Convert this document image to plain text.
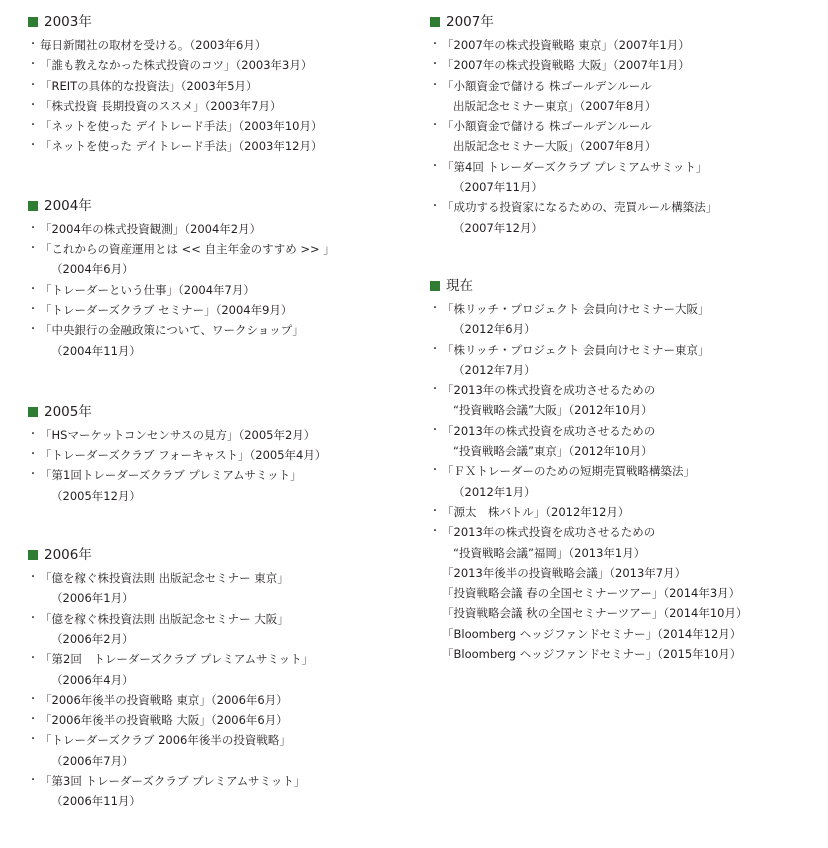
2003年
・ 毎日新聞社の取材を受ける。（2003年6月）
・ 「誰も教えなかった株式投資のコツ」（2003年3月）
・ 「REITの具体的な投資法」（2003年5月）
・ 「株式投資 長期投資のススメ」（2003年7月）
・ 「ネットを使った デイトレード手法」（2003年10月）
・ 「ネットを使った デイトレード手法」（2003年12月）
2004年
・ 「2004年の株式投資観測」（2004年2月）
・ 「これからの資産運用とは << 自主年金のすすめ >> 」
（2004年6月）
・ 「トレーダーという仕事」（2004年7月）
・ 「トレーダーズクラブ セミナー」（2004年9月）
・ 「中央銀行の金融政策について、ワークショップ」
（2004年11月）
2005年
・ 「HSマーケットコンセンサスの見方」（2005年2月）
・ 「トレーダーズクラブ フォーキャスト」（2005年4月）
・ 「第1回トレーダーズクラブ プレミアムサミット」
（2005年12月）
2006年
・ 「億を稼ぐ株投資法則 出版記念セミナー 東京」
（2006年1月）
・ 「億を稼ぐ株投資法則 出版記念セミナー 大阪」
（2006年2月）
・ 「第2回　トレーダーズクラブ プレミアムサミット」
（2006年4月）
・ 「2006年後半の投資戦略 東京」（2006年6月）
・ 「2006年後半の投資戦略 大阪」（2006年6月）
・ 「トレーダーズクラブ 2006年後半の投資戦略」
（2006年7月）
・ 「第3回 トレーダーズクラブ プレミアムサミット」
（2006年11月）
2007年
・ 「2007年の株式投資戦略 東京」（2007年1月）
・ 「2007年の株式投資戦略 大阪」（2007年1月）
・ 「小額資金で儲ける 株ゴールデンルール
出版記念セミナー東京」（2007年8月）
・ 「小額資金で儲ける 株ゴールデンルール
出版記念セミナー大阪」（2007年8月）
・ 「第4回 トレーダーズクラブ プレミアムサミット」
（2007年11月）
・ 「成功する投資家になるための、売買ルール構築法」
（2007年12月）
現在
・ 「株リッチ・プロジェクト 会員向けセミナー大阪」
（2012年6月）
・ 「株リッチ・プロジェクト 会員向けセミナー東京」
（2012年7月）
・ 「2013年の株式投資を成功させるための
“投資戦略会議”大阪」（2012年10月）
・ 「2013年の株式投資を成功させるための
“投資戦略会議”東京」（2012年10月）
・ 「ＦＸトレーダーのための短期売買戦略構築法」
（2012年1月）
・ 「源太　株バトル」（2012年12月）
・ 「2013年の株式投資を成功させるための
“投資戦略会議”福岡」（2013年1月）
「2013年後半の投資戦略会議」（2013年7月）
「投資戦略会議 春の全国セミナーツアー」（2014年3月）
「投資戦略会議 秋の全国セミナーツアー」（2014年10月）
「Bloomberg ヘッジファンドセミナー」（2014年12月）
「Bloomberg ヘッジファンドセミナー」（2015年10月）
